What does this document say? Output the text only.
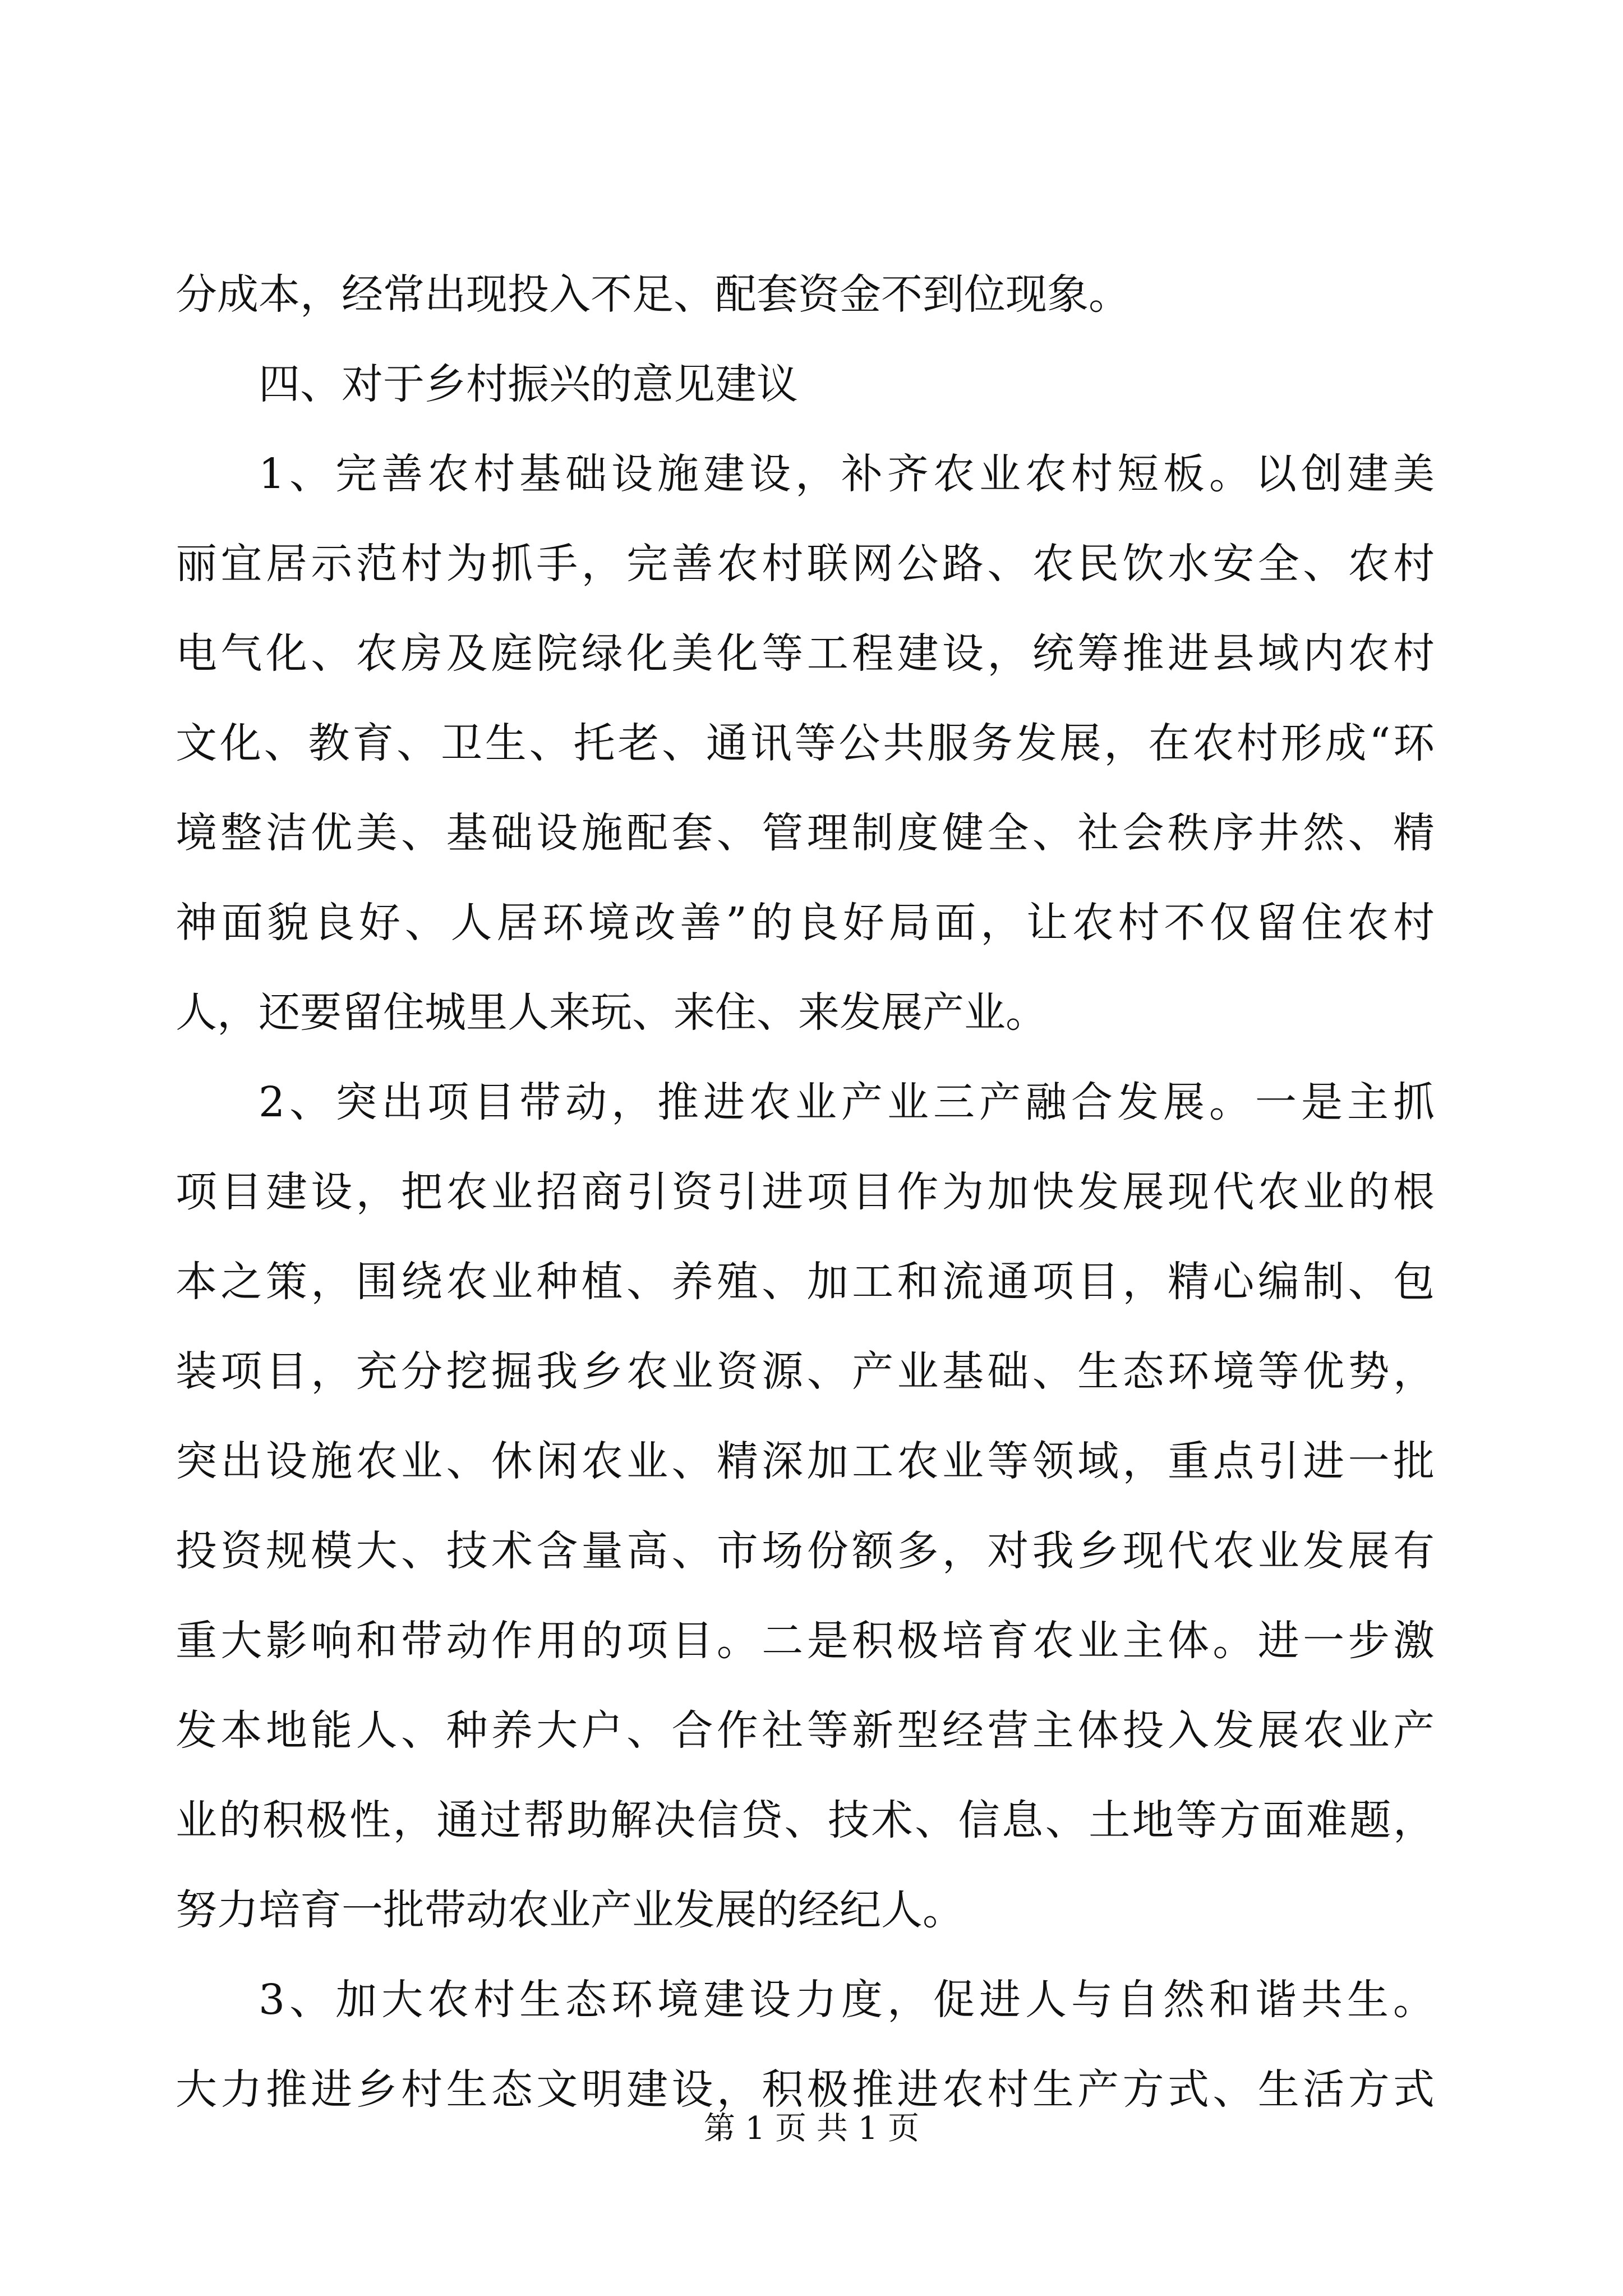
分成本，经常出现投入不足、配套资金不到位现象。
四、对于乡村振兴的意见建议
1、完善农村基础设施建设，补齐农业农村短板。以创建美
丽宜居示范村为抓手，完善农村联网公路、农民饮水安全、农村
电气化、农房及庭院绿化美化等工程建设，统筹推进县域内农村
文化、教育、卫生、托老、通讯等公共服务发展，在农村形成“环
境整洁优美、基础设施配套、管理制度健全、社会秩序井然、精
神面貌良好、人居环境改善”的良好局面，让农村不仅留住农村
人，还要留住城里人来玩、来住、来发展产业。
2、突出项目带动，推进农业产业三产融合发展。一是主抓
项目建设，把农业招商引资引进项目作为加快发展现代农业的根
本之策，围绕农业种植、养殖、加工和流通项目，精心编制、包
装项目，充分挖掘我乡农业资源、产业基础、生态环境等优势，
突出设施农业、休闲农业、精深加工农业等领域，重点引进一批
投资规模大、技术含量高、市场份额多，对我乡现代农业发展有
重大影响和带动作用的项目。二是积极培育农业主体。进一步激
发本地能人、种养大户、合作社等新型经营主体投入发展农业产
业的积极性，通过帮助解决信贷、技术、信息、土地等方面难题，
努力培育一批带动农业产业发展的经纪人。
3、加大农村生态环境建设力度，促进人与自然和谐共生。
大力推进乡村生态文明建设，积极推进农村生产方式、生活方式
第 1 页 共 1 页
